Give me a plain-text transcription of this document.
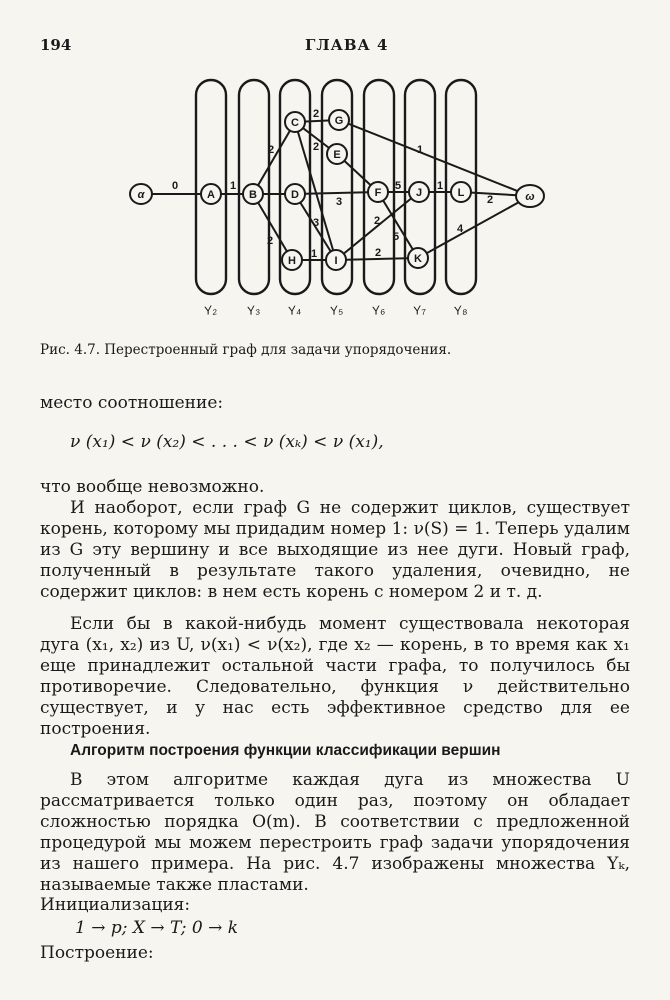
194	ГЛАВА 4
0	1
2
2
2
2
3
3
1
1
5
5
2
2
1
2
4
α	A	B
C
D
E
F
G
H	I
J
K
L	ω
Y₂ Y₃ Y₄ Y₅ Y₆ Y₇ Y₈
Рис. 4.7. Перестроенный граф для задачи упорядочения.

место соотношение:

ν (x₁) < ν (x₂) < . . . < ν (xₖ) < ν (x₁),

что вообще невозможно.

И наоборот, если граф G не содержит циклов, существует корень, которому мы придадим номер 1: ν(S) = 1. Теперь удалим из G эту вершину и все выходящие из нее дуги. Новый граф, полученный в результате такого удаления, очевидно, не содержит циклов: в нем есть корень с номером 2 и т. д.

Если бы в какой-нибудь момент существовала некоторая дуга (x₁, x₂) из U, ν(x₁) < ν(x₂), где x₂ — корень, в то время как x₁ еще принадлежит остальной части графа, то получилось бы противоречие. Следовательно, функция ν действительно существует, и у нас есть эффективное средство для ее построения.

Алгоритм построения функции классификации вершин

В этом алгоритме каждая дуга из множества U рассматривается только один раз, поэтому он обладает сложностью порядка O(m). В соответствии с предложенной процедурой мы можем перестроить граф задачи упорядочения из нашего примера. На рис. 4.7 изображены множества Yₖ, называемые также пластами.

Инициализация:
1 → p; X → T; 0 → k
Построение:
